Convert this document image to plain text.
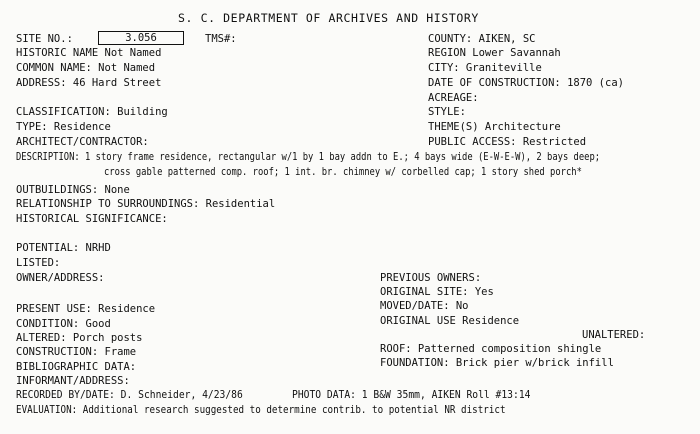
S. C. DEPARTMENT OF ARCHIVES AND HISTORY
SITE NO.:	3.056	TMS#:
HISTORIC NAME Not Named
COMMON NAME: Not Named
ADDRESS: 46 Hard Street
CLASSIFICATION: Building
TYPE: Residence
ARCHITECT/CONTRACTOR:
DESCRIPTION: 1 story frame residence, rectangular w/1 by 1 bay addn to E.; 4 bays wide (E-W-E-W), 2 bays deep;
cross gable patterned comp. roof; 1 int. br. chimney w/ corbelled cap; 1 story shed porch*
OUTBUILDINGS: None
RELATIONSHIP TO SURROUNDINGS: Residential
HISTORICAL SIGNIFICANCE:
POTENTIAL: NRHD
LISTED:
OWNER/ADDRESS:
PRESENT USE: Residence
CONDITION: Good
ALTERED: Porch posts
CONSTRUCTION: Frame
BIBLIOGRAPHIC DATA:
INFORMANT/ADDRESS:
RECORDED BY/DATE: D. Schneider, 4/23/86	PHOTO DATA: 1 B&W 35mm, AIKEN Roll #13:14
EVALUATION: Additional research suggested to determine contrib. to potential NR district
COUNTY: AIKEN, SC
REGION Lower Savannah
CITY: Graniteville
DATE OF CONSTRUCTION: 1870 (ca)
ACREAGE:
STYLE:
THEME(S) Architecture
PUBLIC ACCESS: Restricted
PREVIOUS OWNERS:
ORIGINAL SITE: Yes
MOVED/DATE: No
ORIGINAL USE Residence
UNALTERED:
ROOF: Patterned composition shingle
FOUNDATION: Brick pier w/brick infill
